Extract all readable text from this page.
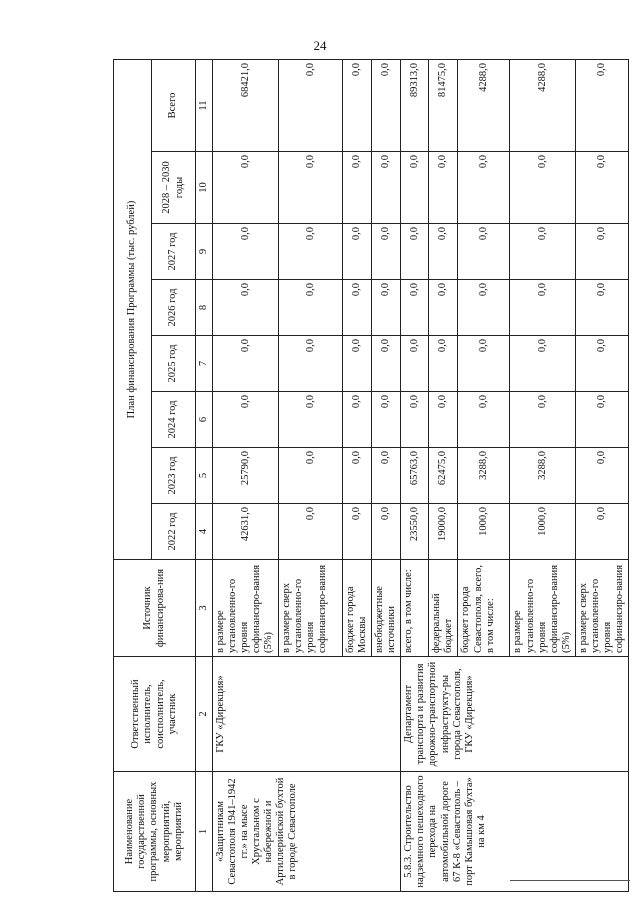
24
Наименование государственной программы, основных мероприятий, мероприятий	Ответственный исполнитель, соисполнитель, участник	Источник финансирова-ния	План финансирования Программы (тыс. рублей)							
			2022 год	2023 год	2024 год	2025 год	2026 год	2027 год	2028 – 2030 годы	Всего
1	2	3	4	5	6	7	8	9	10	11
«Защитникам Севастополя 1941–1942 гг.» на мысе Хрустальном с набережной и Артиллерийской бухтой в городе Севастополе	ГКУ «Дирекция»	в размере установленно-го уровня софинансиро-вания (5%)	42631,0	25790,0	0,0	0,0	0,0	0,0	0,0	68421,0
		в размере сверх установленно-го уровня софинансиро-вания	0,0	0,0	0,0	0,0	0,0	0,0	0,0	0,0
		бюджет города Москвы	0,0	0,0	0,0	0,0	0,0	0,0	0,0	0,0
		внебюджетные источники	0,0	0,0	0,0	0,0	0,0	0,0	0,0	0,0
5.8.3. Строительство надземного пешеходного перехода на автомобильной дороге 67 К-8 «Севастополь – порт Камышовая бухта» на км 4	Департамент транспорта и развития дорожно-транспортной инфраструкту-ры города Севастополя, ГКУ «Дирекция»	всего, в том числе:	23550,0	65763,0	0,0	0,0	0,0	0,0	0,0	89313,0
		федеральный бюджет	19000,0	62475,0	0,0	0,0	0,0	0,0	0,0	81475,0
		бюджет города Севастополя, всего, в том числе:	1000,0	3288,0	0,0	0,0	0,0	0,0	0,0	4288,0
		в размере установленно-го уровня софинансиро-вания (5%)	1000,0	3288,0	0,0	0,0	0,0	0,0	0,0	4288,0
		в размере сверх установленно-го уровня софинансиро-вания	0,0	0,0	0,0	0,0	0,0	0,0	0,0	0,0
